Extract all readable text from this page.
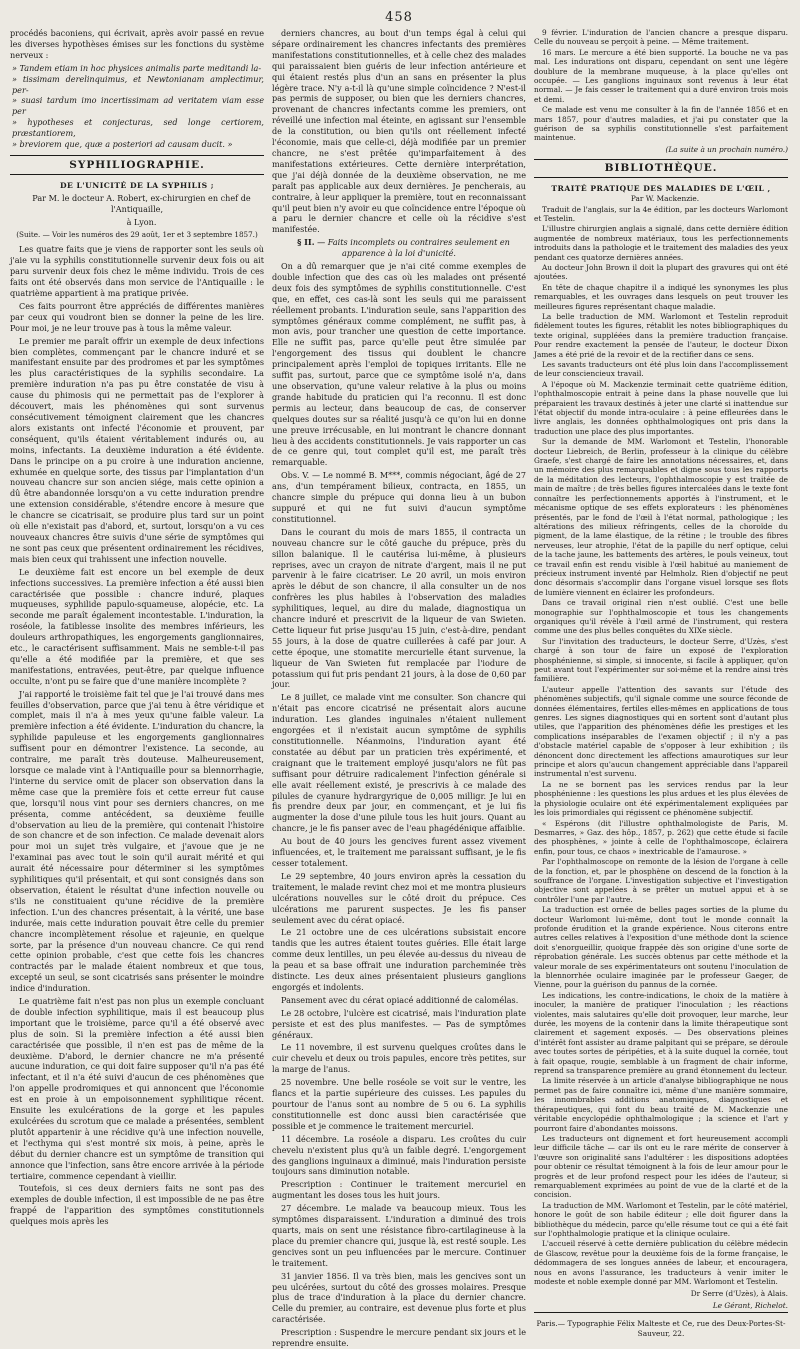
458

procédés baconiens, qui écrivait, après avoir passé en revue les diverses hypothèses émises sur les fonctions du système nerveux :

» Tandem etiam in hoc physices animalis parte meditandi la-
» tissimam derelinquimus, et Newtonianam amplectimur, per-
» suasi tardum imo incertissimam ad veritatem viam esse per
» hypotheses et conjecturas, sed longe certiorem, præstantiorem,
» breviorem que, quæ a posteriori ad causam ducit. »
SYPHILIOGRAPHIE.
DE L'UNICITÉ DE LA SYPHILIS ;

Par M. le docteur A. Robert, ex-chirurgien en chef de l'Antiquaille,

à Lyon.

(Suite. — Voir les numéros des 29 août, 1er et 3 septembre 1857.)

Les quatre faits que je viens de rapporter sont les seuls où j'aie vu la syphilis constitutionnelle survenir deux fois ou ait paru survenir deux fois chez le même individu. Trois de ces faits ont été observés dans mon service de l'Antiquaille : le quatrième appartient à ma pratique privée.

Ces faits pourront être appréciés de différentes manières par ceux qui voudront bien se donner la peine de les lire. Pour moi, je ne leur trouve pas à tous la même valeur.

Le premier me paraît offrir un exemple de deux infections bien complètes, commençant par le chancre induré et se manifestant ensuite par des prodromes et par les symptômes les plus caractéristiques de la syphilis secondaire. La première induration n'a pas pu être constatée de visu à cause du phimosis qui ne permettait pas de l'explorer à découvert, mais les phénomènes qui sont survenus consécutivement témoignent clairement que les chancres alors existants ont infecté l'économie et prouvent, par conséquent, qu'ils étaient véritablement indurés ou, au moins, infectants. La deuxième induration a été évidente. Dans le principe on a pu croire à une induration ancienne, exhumée en quelque sorte, des tissus par l'implantation d'un nouveau chancre sur son ancien siége, mais cette opinion a dû être abandonnée lorsqu'on a vu cette induration prendre une extension considérable, s'étendre encore à mesure que le chancre se cicatrisait, se produire plus tard sur un point où elle n'existait pas d'abord, et, surtout, lorsqu'on a vu ces nouveaux chancres être suivis d'une série de symptômes qui ne sont pas ceux que présentent ordinairement les récidives, mais bien ceux qui trahissent une infection nouvelle.

Le deuxième fait est encore un bel exemple de deux infections successives. La première infection a été aussi bien caractérisée que possible : chancre induré, plaques muqueuses, syphilide papulo-squameuse, alopécie, etc. La seconde me paraît également incontestable. L'induration, la roséole, la fatiblesse insolite des membres inférieurs, les douleurs arthropathiques, les engorgements ganglionnaires, etc., le caractérisent suffisamment. Mais ne semble-t-il pas qu'elle a été modifiée par la première, et que ses manifestations, entravées, peut-être, par quelque influence occulte, n'ont pu se faire que d'une manière incomplète ?

J'ai rapporté le troisième fait tel que je l'ai trouvé dans mes feuilles d'observation, parce que j'ai tenu à être véridique et complet, mais il n'a à mes yeux qu'une faible valeur. La première infection a été évidente. L'induration du chancre, la syphilide papuleuse et les engorgements ganglionnaires suffisent pour en démontrer l'existence. La seconde, au contraire, me paraît très douteuse. Malheureusement, lorsque ce malade vint à l'Antiquaille pour sa blennorrhagie, l'interne du service omit de placer son observation dans la même case que la première fois et cette erreur fut cause que, lorsqu'il nous vint pour ses derniers chancres, on me présenta, comme antécédent, sa deuxième feuille d'observation au lieu de la première, qui contenait l'histoire de son chancre et de son infection. Ce malade devenait alors pour moi un sujet très vulgaire, et j'avoue que je ne l'examinai pas avec tout le soin qu'il aurait mérité et qui aurait été nécessaire pour déterminer si les symptômes syphilitiques qu'il présentait, et qui sont consignés dans son observation, étaient le résultat d'une infection nouvelle ou s'ils ne constituaient qu'une récidive de la première infection. L'un des chancres présentait, à la vérité, une base indurée, mais cette induration pouvait être celle du premier chancre incomplètement résolue et rajeunie, en quelque sorte, par la présence d'un nouveau chancre. Ce qui rend cette opinion probable, c'est que cette fois les chancres contractés par le malade étaient nombreux et que tous, excepté un seul, se sont cicatrisés sans présenter le moindre indice d'induration.

Le quatrième fait n'est pas non plus un exemple concluant de double infection syphilitique, mais il est beaucoup plus important que le troisième, parce qu'il a été observé avec plus de soin. Si la première infection a été aussi bien caractérisée que possible, il n'en est pas de même de la deuxième. D'abord, le dernier chancre ne m'a présenté aucune induration, ce qui doit faire supposer qu'il n'a pas été infectant, et il n'a été suivi d'aucun de ces phénomènes que l'on appelle prodromiques et qui annoncent que l'économie est en proie à un empoisonnement syphilitique récent. Ensuite les exulcérations de la gorge et les papules exulcérées du scrotum que ce malade a présentées, semblent plutôt appartenir à une récidive qu'à une infection nouvelle, et l'ecthyma qui s'est montré six mois, à peine, après le début du dernier chancre est un symptôme de transition qui annonce que l'infection, sans être encore arrivée à la période tertiaire, commence cependant à vieillir.

Toutefois, si ces deux derniers faits ne sont pas des exemples de double infection, il est impossible de ne pas être frappé de l'apparition des symptômes constitutionnels quelques mois après les

derniers chancres, au bout d'un temps égal à celui qui sépare ordinairement les chancres infectants des premières manifestations constitutionnelles, et à celle chez des malades qui paraissaient bien guéris de leur infection antérieure et qui étaient restés plus d'un an sans en présenter la plus légère trace. N'y a-t-il là qu'une simple coïncidence ? N'est-il pas permis de supposer, ou bien que les derniers chancres, provenant de chancres infectants comme les premiers, ont réveillé une infection mal éteinte, en agissant sur l'ensemble de la constitution, ou bien qu'ils ont réellement infecté l'économie, mais que celle-ci, déjà modifiée par un premier chancre, ne s'est prêtée qu'imparfaitement à des manifestations extérieures. Cette dernière interprétation, que j'ai déjà donnée de la deuxième observation, ne me paraît pas applicable aux deux dernières. Je pencherais, au contraire, à leur appliquer la première, tout en reconnaissant qu'il peut bien n'y avoir eu que coïncidence entre l'époque où a paru le dernier chancre et celle où la récidive s'est manifestée.

§ II. — Faits incomplets ou contraires seulement en apparence à la loi d'unicité.

On a dû remarquer que je n'ai cité comme exemples de double infection que des cas où les malades ont présenté deux fois des symptômes de syphilis constitutionnelle. C'est que, en effet, ces cas-là sont les seuls qui me paraissent réellement probants. L'induration seule, sans l'apparition des symptômes généraux comme complément, ne suffit pas, à mon avis, pour trancher une question de cette importance. Elle ne suffit pas, parce qu'elle peut être simulée par l'engorgement des tissus qui doublent le chancre principalement après l'emploi de topiques irritants. Elle ne suffit pas, surtout, parce que ce symptôme isolé n'a, dans une observation, qu'une valeur relative à la plus ou moins grande habitude du praticien qui l'a reconnu. Il est donc permis au lecteur, dans beaucoup de cas, de conserver quelques doutes sur sa réalité jusqu'à ce qu'on lui en donne une preuve irrécusable, en lui montrant le chancre donnant lieu à des accidents constitutionnels. Je vais rapporter un cas de ce genre qui, tout complet qu'il est, me paraît très remarquable.

Obs. V. — Le nommé B. M***, commis négociant, âgé de 27 ans, d'un tempérament bilieux, contracta, en 1855, un chancre simple du prépuce qui donna lieu à un bubon suppuré et qui ne fut suivi d'aucun symptôme constitutionnel.

Dans le courant du mois de mars 1855, il contracta un nouveau chancre sur le côté gauche du prépuce, près du sillon balanique. Il le cautérisa lui-même, à plusieurs reprises, avec un crayon de nitrate d'argent, mais il ne put parvenir à le faire cicatriser. Le 20 avril, un mois environ après le début de son chancre, il alla consulter un de nos confrères les plus habiles à l'observation des maladies syphilitiques, lequel, au dire du malade, diagnostiqua un chancre induré et prescrivit de la liqueur de van Swieten. Cette liqueur fut prise jusqu'au 15 juin, c'est-à-dire, pendant 55 jours, à la dose de quatre cuillerées à café par jour. A cette époque, une stomatite mercurielle étant survenue, la liqueur de Van Swieten fut remplacée par l'iodure de potassium qui fut pris pendant 21 jours, à la dose de 0,60 par jour.

Le 8 juillet, ce malade vint me consulter. Son chancre qui n'était pas encore cicatrisé ne présentait alors aucune induration. Les glandes inguinales n'étaient nullement engorgées et il n'existait aucun symptôme de syphilis constitutionnelle. Néanmoins, l'induration ayant été constatée au début par un praticien très expérimenté, et craignant que le traitement employé jusqu'alors ne fût pas suffisant pour détruire radicalement l'infection générale si elle avait réellement existé, je prescrivis à ce malade des pilules de cyanure hydrargyrique de 0,005 milligr. Je lui en fis prendre deux par jour, en commençant, et je lui fis augmenter la dose d'une pilule tous les huit jours. Quant au chancre, je le fis panser avec de l'eau phagédénique affaiblie.

Au bout de 40 jours les gencives furent assez vivement influencées, et, le traitement me paraissant suffisant, je le fis cesser totalement.

Le 29 septembre, 40 jours environ après la cessation du traitement, le malade revint chez moi et me montra plusieurs ulcérations nouvelles sur le côté droit du prépuce. Ces ulcérations me parurent suspectes. Je les fis panser seulement avec du cérat opiacé.

Le 21 octobre une de ces ulcérations subsistait encore tandis que les autres étaient toutes guéries. Elle était large comme deux lentilles, un peu élevée au-dessus du niveau de la peau et sa base offrait une induration parcheminée très distincte. Les deux aines présentaient plusieurs ganglions engorgés et indolents.

Pansement avec du cérat opiacé additionné de calomélas.

Le 28 octobre, l'ulcère est cicatrisé, mais l'induration plate persiste et est des plus manifestes. — Pas de symptômes généraux.

Le 11 novembre, il est survenu quelques croûtes dans le cuir chevelu et deux ou trois papules, encore très petites, sur la marge de l'anus.

25 novembre. Une belle roséole se voit sur le ventre, les flancs et la partie supérieure des cuisses. Les papules du pourtour de l'anus sont au nombre de 5 ou 6. La syphilis constitutionnelle est donc aussi bien caractérisée que possible et je commence le traitement mercuriel.

11 décembre. La roséole a disparu. Les croûtes du cuir chevelu n'existent plus qu'à un faible degré. L'engorgement des ganglions inguinaux a diminué, mais l'induration persiste toujours sans diminution notable.

Prescription : Continuer le traitement mercuriel en augmentant les doses tous les huit jours.

27 décembre. Le malade va beaucoup mieux. Tous les symptômes disparaissent. L'induration a diminué des trois quarts, mais on sent une résistance fibro-cartilagineuse à la place du premier chancre qui, jusque là, est resté souple. Les gencives sont un peu influencées par le mercure. Continuer le traitement.

31 janvier 1856. Il va très bien, mais les gencives sont un peu ulcérées, surtout du côté des grosses molaires. Presque plus de trace d'induration à la place du dernier chancre. Celle du premier, au contraire, est devenue plus forte et plus caractérisée.

Prescription : Suspendre le mercure pendant six jours et le reprendre ensuite.

9 février. L'induration de l'ancien chancre a presque disparu. Celle du nouveau se perçoit à peine. — Même traitement.

16 mars. Le mercure a été bien supporté. La bouche ne va pas mal. Les indurations ont disparu, cependant on sent une légère doublure de la membrane muqueuse, à la place qu'elles ont occupée. — Les ganglions inguinaux sont revenus à leur état normal. — Je fais cesser le traitement qui a duré environ trois mois et demi.

Ce malade est venu me consulter à la fin de l'année 1856 et en mars 1857, pour d'autres maladies, et j'ai pu constater que la guérison de sa syphilis constitutionnelle s'est parfaitement maintenue.

(La suite à un prochain numéro.)
BIBLIOTHÈQUE.
TRAITÉ PRATIQUE DES MALADIES DE L'ŒIL ,

Par W. Mackenzie.

Traduit de l'anglais, sur la 4e édition, par les docteurs Warlomont et Testelin.

L'illustre chirurgien anglais a signalé, dans cette dernière édition augmentée de nombreux matériaux, tous les perfectionnements introduits dans la pathologie et le traitement des maladies des yeux pendant ces quatorze dernières années.

Au docteur John Brown il doit la plupart des gravures qui ont été ajoutées.

En tête de chaque chapitre il a indiqué les synonymes les plus remarquables, et les ouvrages dans lesquels on peut trouver les meilleures figures représentant chaque maladie.

La belle traduction de MM. Warlomont et Testelin reproduit fidèlement toutes les figures, rétablit les notes bibliographiques du texte original, suppléées dans la première traduction française. Pour rendre exactement la pensée de l'auteur, le docteur Dixon James a été prié de la revoir et de la rectifier dans ce sens.

Les savants traducteurs ont été plus loin dans l'accomplissement de leur consciencieux travail.

A l'époque où M. Mackenzie terminait cette quatrième édition, l'ophthalmoscopie entrait à peine dans la phase nouvelle que lui préparaient les travaux destinés à jeter une clarté si inattendue sur l'état objectif du monde intra-oculaire : à peine effleurées dans le livre anglais, les données ophthalmologiques ont pris dans la traduction une place des plus importantes.

Sur la demande de MM. Warlomont et Testelin, l'honorable docteur Liebreich, de Berlin, professeur à la clinique du célèbre Graefe, s'est chargé de faire les annotations nécessaires, et, dans un mémoire des plus remarquables et digne sous tous les rapports de la méditation des lecteurs, l'ophthalmoscopie y est traitée de main de maître ; de très belles figures intercalées dans le texte font connaître les perfectionnements apportés à l'instrument, et le mécanisme optique de ses effets explorateurs : les phénomènes présentés, par le fond de l'œil à l'état normal, pathologique ; les altérations des milieux réfringents, celles de la choroïde du pigment, de la lame élastique, de la rétine ; le trouble des fibres nerveuses, leur atrophie, l'état de la papille du nerf optique, celui de la tache jaune, les battements des artères, le pouls veineux, tout ce travail enfin est rendu visible à l'œil habitué au maniement de précieux instrument inventé par Helmholz. Rien d'objectif ne peut donc désormais s'accomplir dans l'organe visuel lorsque ses flots de lumière viennent en éclairer les profondeurs.

Dans ce travail original rien n'est oublié. C'est une belle monographie sur l'ophthalmoscopie et tous les changements organiques qu'il révèle à l'œil armé de l'instrument, qui restera comme une des plus belles conquêtes du XIXe siècle.

Sur l'invitation des traducteurs, le docteur Serre, d'Uzès, s'est chargé à son tour de faire un exposé de l'exploration phosphénienne, si simple, si innocente, si facile à appliquer, qu'on peut avant tout l'expérimenter sur soi-même et la rendre ainsi très familière.

L'auteur appelle l'attention des savants sur l'étude des phénomènes subjectifs, qu'il signale comme une source féconde de données élémentaires, fertiles elles-mêmes en applications de tous genres. Les signes diagnostiques qui en sortent sont d'autant plus utiles, que l'apparition des phénomènes défie les prestiges et les complications inséparables de l'examen objectif ; il n'y a pas d'obstacle matériel capable de s'opposer à leur exhibition ; ils dénoncent donc directement les affections amaurotiques sur leur principe et alors qu'aucun changement appréciable dans l'appareil instrumental n'est survenu.

La ne se bornent pas les services rendus par la leur phosphénienne : les questions les plus ardues et les plus élevées de la physiologie oculaire ont été expérimentalement expliquées par les lois primordiales qui régissent ce phénomène subjectif.

« Espérons (dit l'illustre ophthalmologiste de Paris, M. Desmarres, » Gaz. des hôp., 1857, p. 262) que cette étude si facile des phosphènes, » jointe à celle de l'ophthalmoscope, éclairera enfin, pour tous, ce chaos » inextricable de l'amaurose. »

Par l'ophthalmoscope on remonte de la lésion de l'organe à celle de la fonction, et, par le phosphène on descend de la fonction à la souffrance de l'organe. L'investigation subjective et l'investigation objective sont appelées à se prêter un mutuel appui et à se contrôler l'une par l'autre.

La traduction est ornée de belles pages sorties de la plume du docteur Warlomont lui-même, dont tout le monde connaît la profonde érudition et la grande expérience. Nous citerons entre autres celles relatives à l'exposition d'une méthode dont la science doit s'enorgueillir, quoique frappée dès son origine d'une sorte de réprobation générale. Les succès obtenus par cette méthode et la valeur morale de ses expérimentateurs ont soutenu l'inoculation de la blennorrhée oculaire imaginée par le professeur Gaeger, de Vienne, pour la guérison du pannus de la cornée.

Les indications, les contre-indications, le choix de la matière à inoculer, la manière de pratiquer l'inoculation ; les réactions violentes, mais salutaires qu'elle doit provoquer, leur marche, leur durée, les moyens de la contenir dans la limite thérapeutique sont clairement et sagement exposés. — Des observations pleines d'intérêt font assister au drame palpitant qui se prépare, se déroule avec toutes sortes de péripéties, et à la suite duquel la cornée, tout à fait opaque, rougie, semblable à un fragment de chair informe, reprend sa transparence première au grand étonnement du lecteur.

La limite réservée à un article d'analyse bibliographique ne nous permet pas de faire connaître ici, même d'une manière sommaire, les innombrables additions anatomiques, diagnostiques et thérapeutiques, qui font du beau traité de M. Mackenzie une véritable encyclopédie ophthalmologique ; la science et l'art y pourront faire d'abondantes moissons.

Les traducteurs ont dignement et fort heureusement accompli leur difficile tâche — car ils ont eu le rare mérite de conserver à l'œuvre son originalité sans l'adultérer : les dispositions adoptées pour obtenir ce résultat témoignent à la fois de leur amour pour le progrès et de leur profond respect pour les idées de l'auteur, si remarquablement exprimées au point de vue de la clarté et de la concision.

La traduction de MM. Warlomont et Testelin, par le côté matériel, honore le goût de son habile éditeur ; elle doit figurer dans la bibliothèque du médecin, parce qu'elle résume tout ce qui a été fait sur l'ophthalmologie pratique et la clinique oculaire.

L'accueil réservé à cette dernière publication du célèbre médecin de Glascow, revêtue pour la deuxième fois de la forme française, le dédommagera de ses longues années de labeur, et encouragera, nous en avons l'assurance, les traducteurs à venir imiter le modeste et noble exemple donné par MM. Warlomont et Testelin.

Dr Serre (d'Uzès), à Alais.
Le Gérant, Richelot.
Paris.— Typographie Félix Malteste et Ce, rue des Deux-Portes-St-Sauveur, 22.
